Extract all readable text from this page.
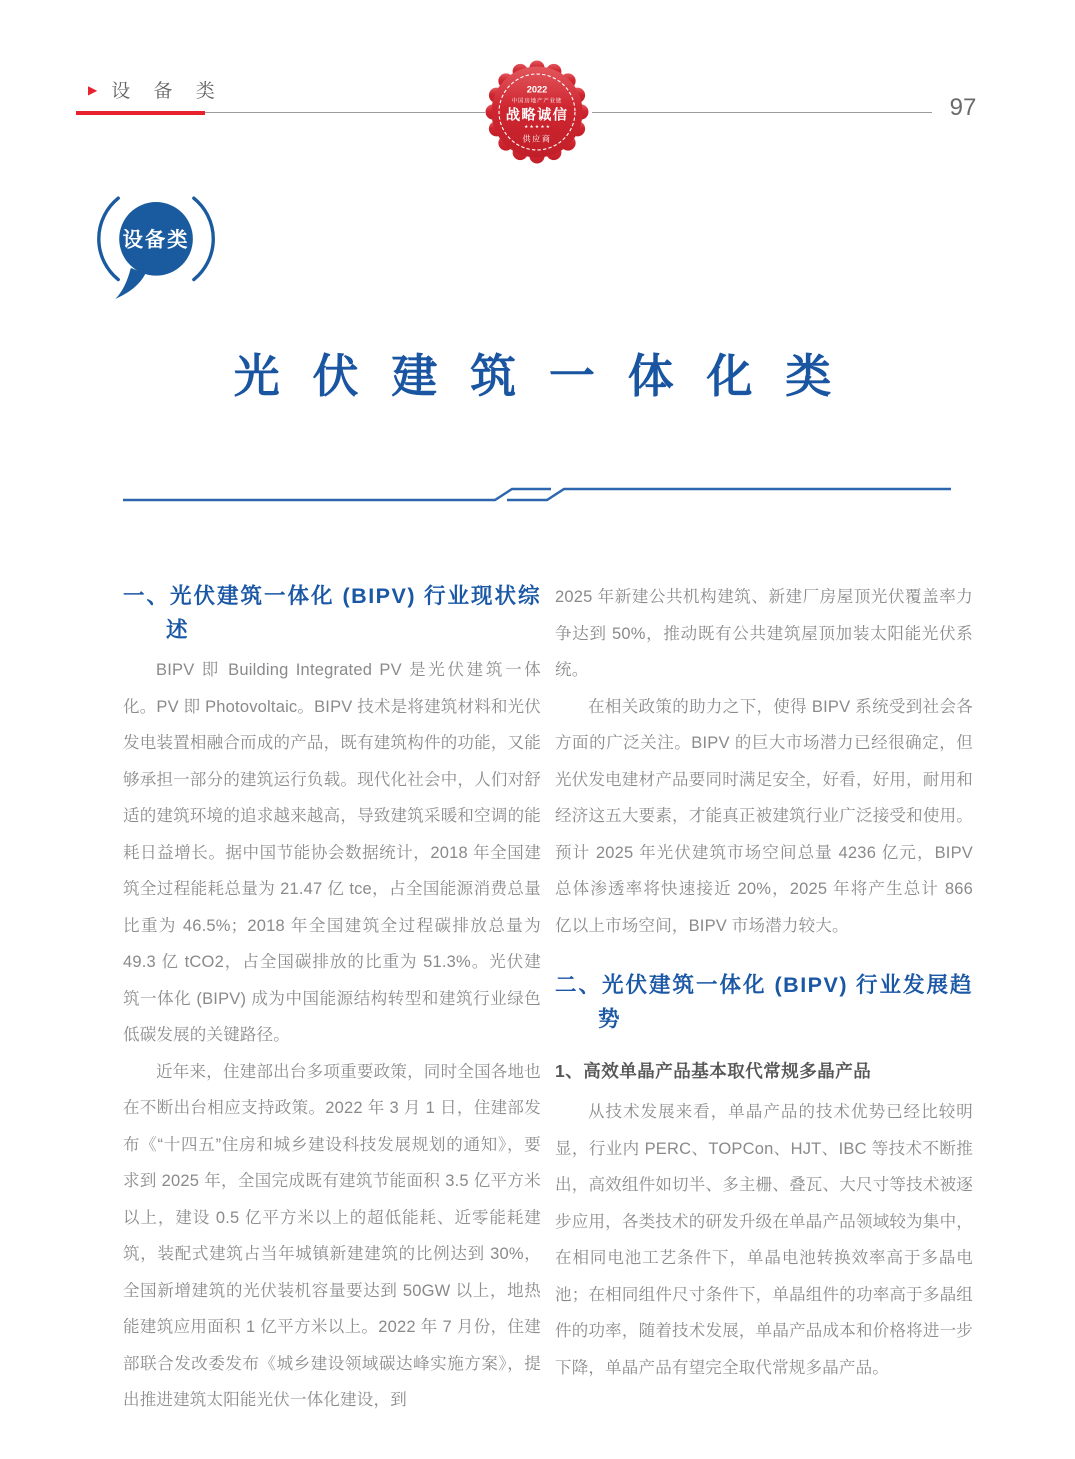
▶ 设 备 类
97
2022
中国房地产产业链
战略诚信
★ ★ ★ ★ ★
供应商
设备类
光 伏 建 筑 一 体 化 类
一、光伏建筑一体化 (BIPV) 行业现状综述

BIPV 即 Building Integrated PV 是光伏建筑一体化。PV 即 Photovoltaic。BIPV 技术是将建筑材料和光伏发电装置相融合而成的产品，既有建筑构件的功能，又能够承担一部分的建筑运行负载。现代化社会中，人们对舒适的建筑环境的追求越来越高，导致建筑采暖和空调的能耗日益增长。据中国节能协会数据统计，2018 年全国建筑全过程能耗总量为 21.47 亿 tce，占全国能源消费总量比重为 46.5%；2018 年全国建筑全过程碳排放总量为 49.3 亿 tCO2，占全国碳排放的比重为 51.3%。光伏建筑一体化 (BIPV) 成为中国能源结构转型和建筑行业绿色低碳发展的关键路径。

近年来，住建部出台多项重要政策，同时全国各地也在不断出台相应支持政策。2022 年 3 月 1 日，住建部发布《“十四五”住房和城乡建设科技发展规划的通知》，要求到 2025 年，全国完成既有建筑节能面积 3.5 亿平方米以上，建设 0.5 亿平方米以上的超低能耗、近零能耗建筑，装配式建筑占当年城镇新建建筑的比例达到 30%，全国新增建筑的光伏装机容量要达到 50GW 以上，地热能建筑应用面积 1 亿平方米以上。2022 年 7 月份，住建部联合发改委发布《城乡建设领域碳达峰实施方案》，提出推进建筑太阳能光伏一体化建设，到

2025 年新建公共机构建筑、新建厂房屋顶光伏覆盖率力争达到 50%，推动既有公共建筑屋顶加装太阳能光伏系统。

在相关政策的助力之下，使得 BIPV 系统受到社会各方面的广泛关注。BIPV 的巨大市场潜力已经很确定，但光伏发电建材产品要同时满足安全，好看，好用，耐用和经济这五大要素，才能真正被建筑行业广泛接受和使用。预计 2025 年光伏建筑市场空间总量 4236 亿元，BIPV 总体渗透率将快速接近 20%，2025 年将产生总计 866 亿以上市场空间，BIPV 市场潜力较大。

二、光伏建筑一体化 (BIPV) 行业发展趋势
1、高效单晶产品基本取代常规多晶产品

从技术发展来看，单晶产品的技术优势已经比较明显，行业内 PERC、TOPCon、HJT、IBC 等技术不断推出，高效组件如切半、多主栅、叠瓦、大尺寸等技术被逐步应用，各类技术的研发升级在单晶产品领域较为集中，在相同电池工艺条件下，单晶电池转换效率高于多晶电池；在相同组件尺寸条件下，单晶组件的功率高于多晶组件的功率，随着技术发展，单晶产品成本和价格将进一步下降，单晶产品有望完全取代常规多晶产品。
